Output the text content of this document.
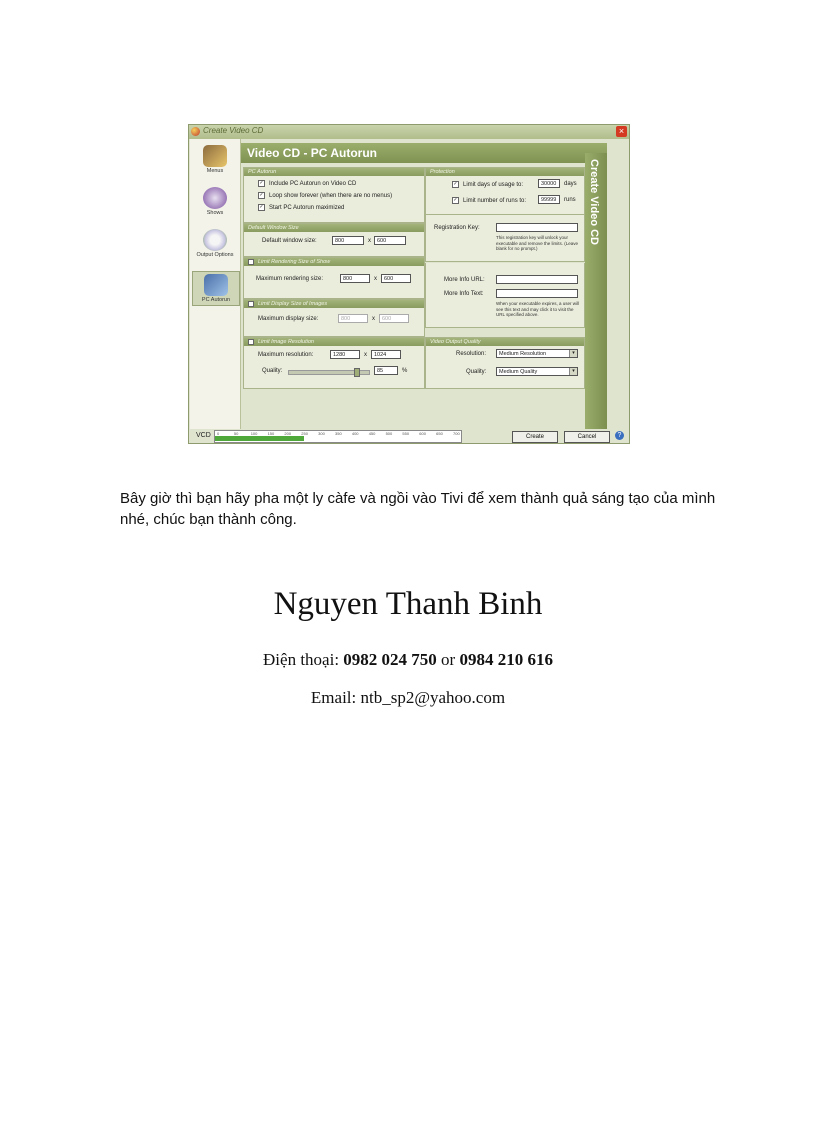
Create Video CD	×
Menus
Shows
Output Options
PC Autorun
Video CD - PC Autorun
PC Autorun
✓ Include PC Autorun on Video CD
✓ Loop show forever (when there are no menus)
✓ Start PC Autorun maximized
Default Window Size
Default window size:	800	x	600
✓ Limit Rendering Size of Show
Maximum rendering size:	800	x	600
Limit Display Size of Images
Maximum display size:	800	x	600
✓ Limit Image Resolution
Maximum resolution:	1280	x	1024
Quality:	85	%
Protection
✓ Limit days of usage to:	30000	days
✓ Limit number of runs to:	99999	runs
Registration Key:
This registration key will unlock your executable and remove the limits. (Leave blank for no prompt.)
More Info URL:
More Info Text:
When your executable expires, a user will see this text and may click it to visit the URL specified above.
Video Output Quality
Resolution:	Medium Resolution	▾
Quality:	Medium Quality	▾
Create Video CD
VCD 0	50	100	150	200	250	300	350	400	450	500	550	600	650	700
Create	Cancel	?
Bây giờ thì bạn hãy pha một ly càfe và ngồi vào Tivi để xem thành quả sáng tạo của mình nhé, chúc bạn thành công.
Nguyen Thanh Binh
Điện thoại: 0982 024 750 or 0984 210 616
Email: ntb_sp2@yahoo.com
